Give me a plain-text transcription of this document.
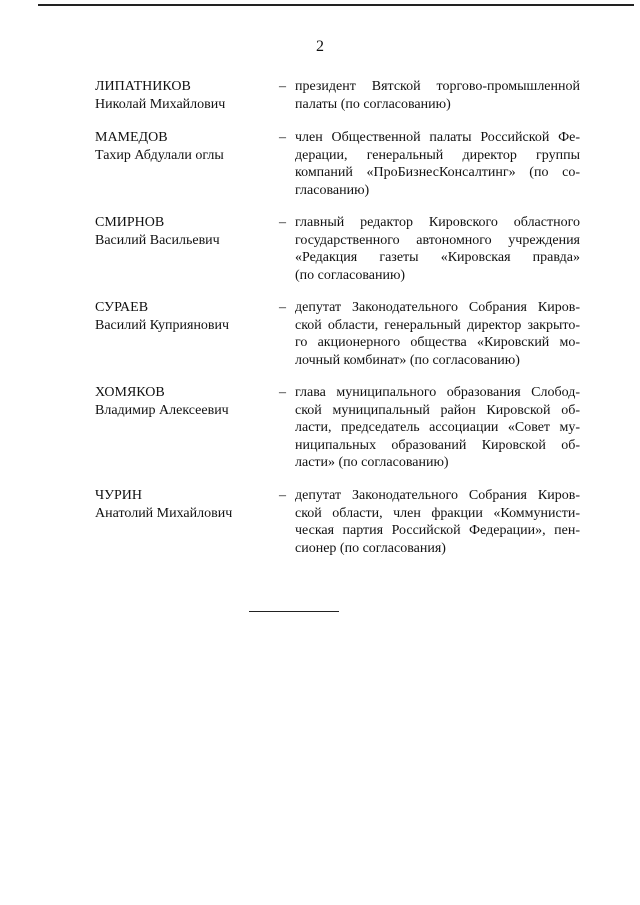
2
ЛИПАТНИКОВ
Николай Михайлович
– президент Вятской торгово-промышленной
палаты (по согласованию)
МАМЕДОВ
Тахир Абдулали оглы
– член Общественной палаты Российской Фе-
дерации, генеральный директор группы
компаний «ПроБизнесКонсалтинг» (по со-
гласованию)
СМИРНОВ
Василий Васильевич
– главный редактор Кировского областного
государственного автономного учреждения
«Редакция газеты «Кировская правда»
(по согласованию)
СУРАЕВ
Василий Куприянович
– депутат Законодательного Собрания Киров-
ской области, генеральный директор закрыто-
го акционерного общества «Кировский мо-
лочный комбинат» (по согласованию)
ХОМЯКОВ
Владимир Алексеевич
– глава муниципального образования Слобод-
ской муниципальный район Кировской об-
ласти, председатель ассоциации «Совет му-
ниципальных образований Кировской об-
ласти» (по согласованию)
ЧУРИН
Анатолий Михайлович
– депутат Законодательного Собрания Киров-
ской области, член фракции «Коммунисти-
ческая партия Российской Федерации», пен-
сионер (по согласования)
